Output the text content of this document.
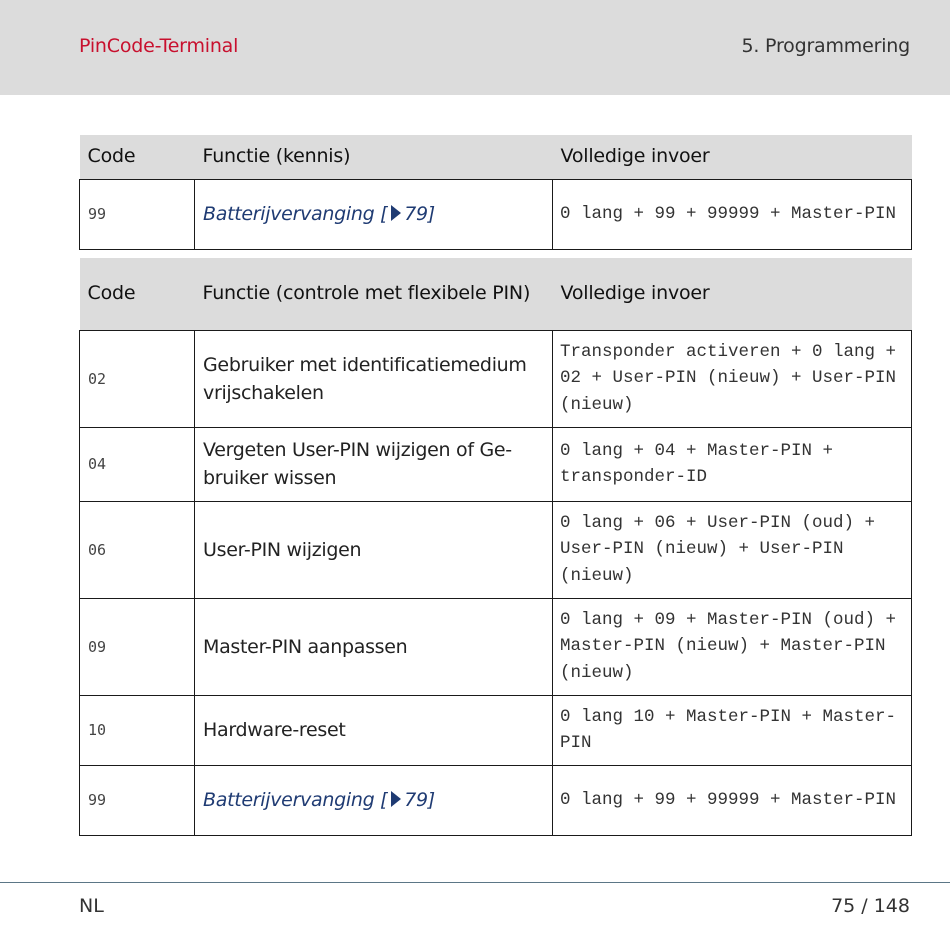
PinCode-Terminal	5. Programmering
Code	Functie (kennis)	Volledige invoer
99	Batterijvervanging [ 79]	0 lang + 99 + 99999 + Master-PIN
Code	Functie (controle met flexibele PIN)	Volledige invoer
02	Gebruiker met identificatiemedium vrijschakelen	Transponder activeren + 0 lang + 02 + User-PIN (nieuw) + User-PIN (nieuw)
04	Vergeten User-PIN wijzigen of Ge-bruiker wissen	0 lang + 04 + Master-PIN + transponder-ID
06	User-PIN wijzigen	0 lang + 06 + User-PIN (oud) + User-PIN (nieuw) + User-PIN (nieuw)
09	Master-PIN aanpassen	0 lang + 09 + Master-PIN (oud) + Master-PIN (nieuw) + Master-PIN (nieuw)
10	Hardware-reset	0 lang 10 + Master-PIN + Master-PIN
99	Batterijvervanging [ 79]	0 lang + 99 + 99999 + Master-PIN
NL	75 / 148
